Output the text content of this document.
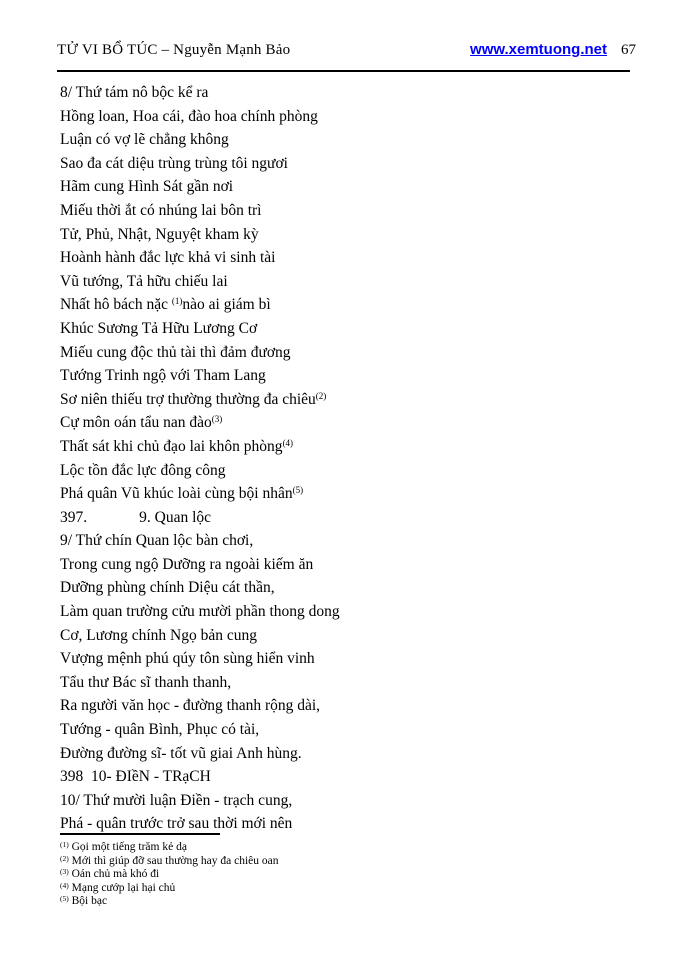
TỬ VI BỔ TÚC – Nguyễn Mạnh Bảo	www.xemtuong.net 67
8/ Thứ tám nô bộc kể ra
Hồng loan, Hoa cái, đào hoa chính phòng
Luận có vợ lẽ chẳng không
Sao đa cát diệu trùng trùng tôi ngươi
Hãm cung Hình Sát gần nơi
Miếu thời ắt có nhúng lai bôn trì
Tử, Phủ, Nhật, Nguyệt kham kỳ
Hoành hành đắc lực khả vi sinh tài
Vũ tướng, Tả hữu chiếu lai
Nhất hô bách nặc $^{(1)}$nào ai giám bì
Khúc Sương Tả Hữu Lương Cơ
Miếu cung độc thủ tài thì đảm đương
Tướng Trinh ngộ với Tham Lang
Sơ niên thiếu trợ thường thường đa chiêu$^{(2)}$
Cự môn oán tẩu nan đào$^{(3)}$
Thất sát khi chủ đạo lai khôn phòng$^{(4)}$
Lộc tồn đắc lực đông công
Phá quân Vũ khúc loài cùng bội nhân$^{(5)}$
397.	9. Quan lộc
9/ Thứ chín Quan lộc bàn chơi,
Trong cung ngộ Dưỡng ra ngoài kiếm ăn
Dưỡng phùng chính Diệu cát thần,
Làm quan trường cửu mười phần thong dong
Cơ, Lương chính Ngọ bản cung
Vượng mệnh phú qúy tôn sùng hiển vinh
Tẩu thư Bác sĩ thanh thanh,
Ra người văn học - đường thanh rộng dài,
Tướng - quân Bình, Phục có tài,
Đường đường sĩ- tốt vũ giai Anh hùng.
398  10- ĐIềN - TRạCH
10/ Thứ mười luận Điền - trạch cung,
Phá - quân trước trở sau thời mới nên
$^{(1)}$ Gọi một tiếng trăm kẻ dạ
$^{(2)}$ Mới thì giúp đỡ sau thường hay đa chiêu oan
$^{(3)}$ Oán chủ mà khó đi
$^{(4)}$ Mạng cướp lại hại chủ
$^{(5)}$ Bội bạc
